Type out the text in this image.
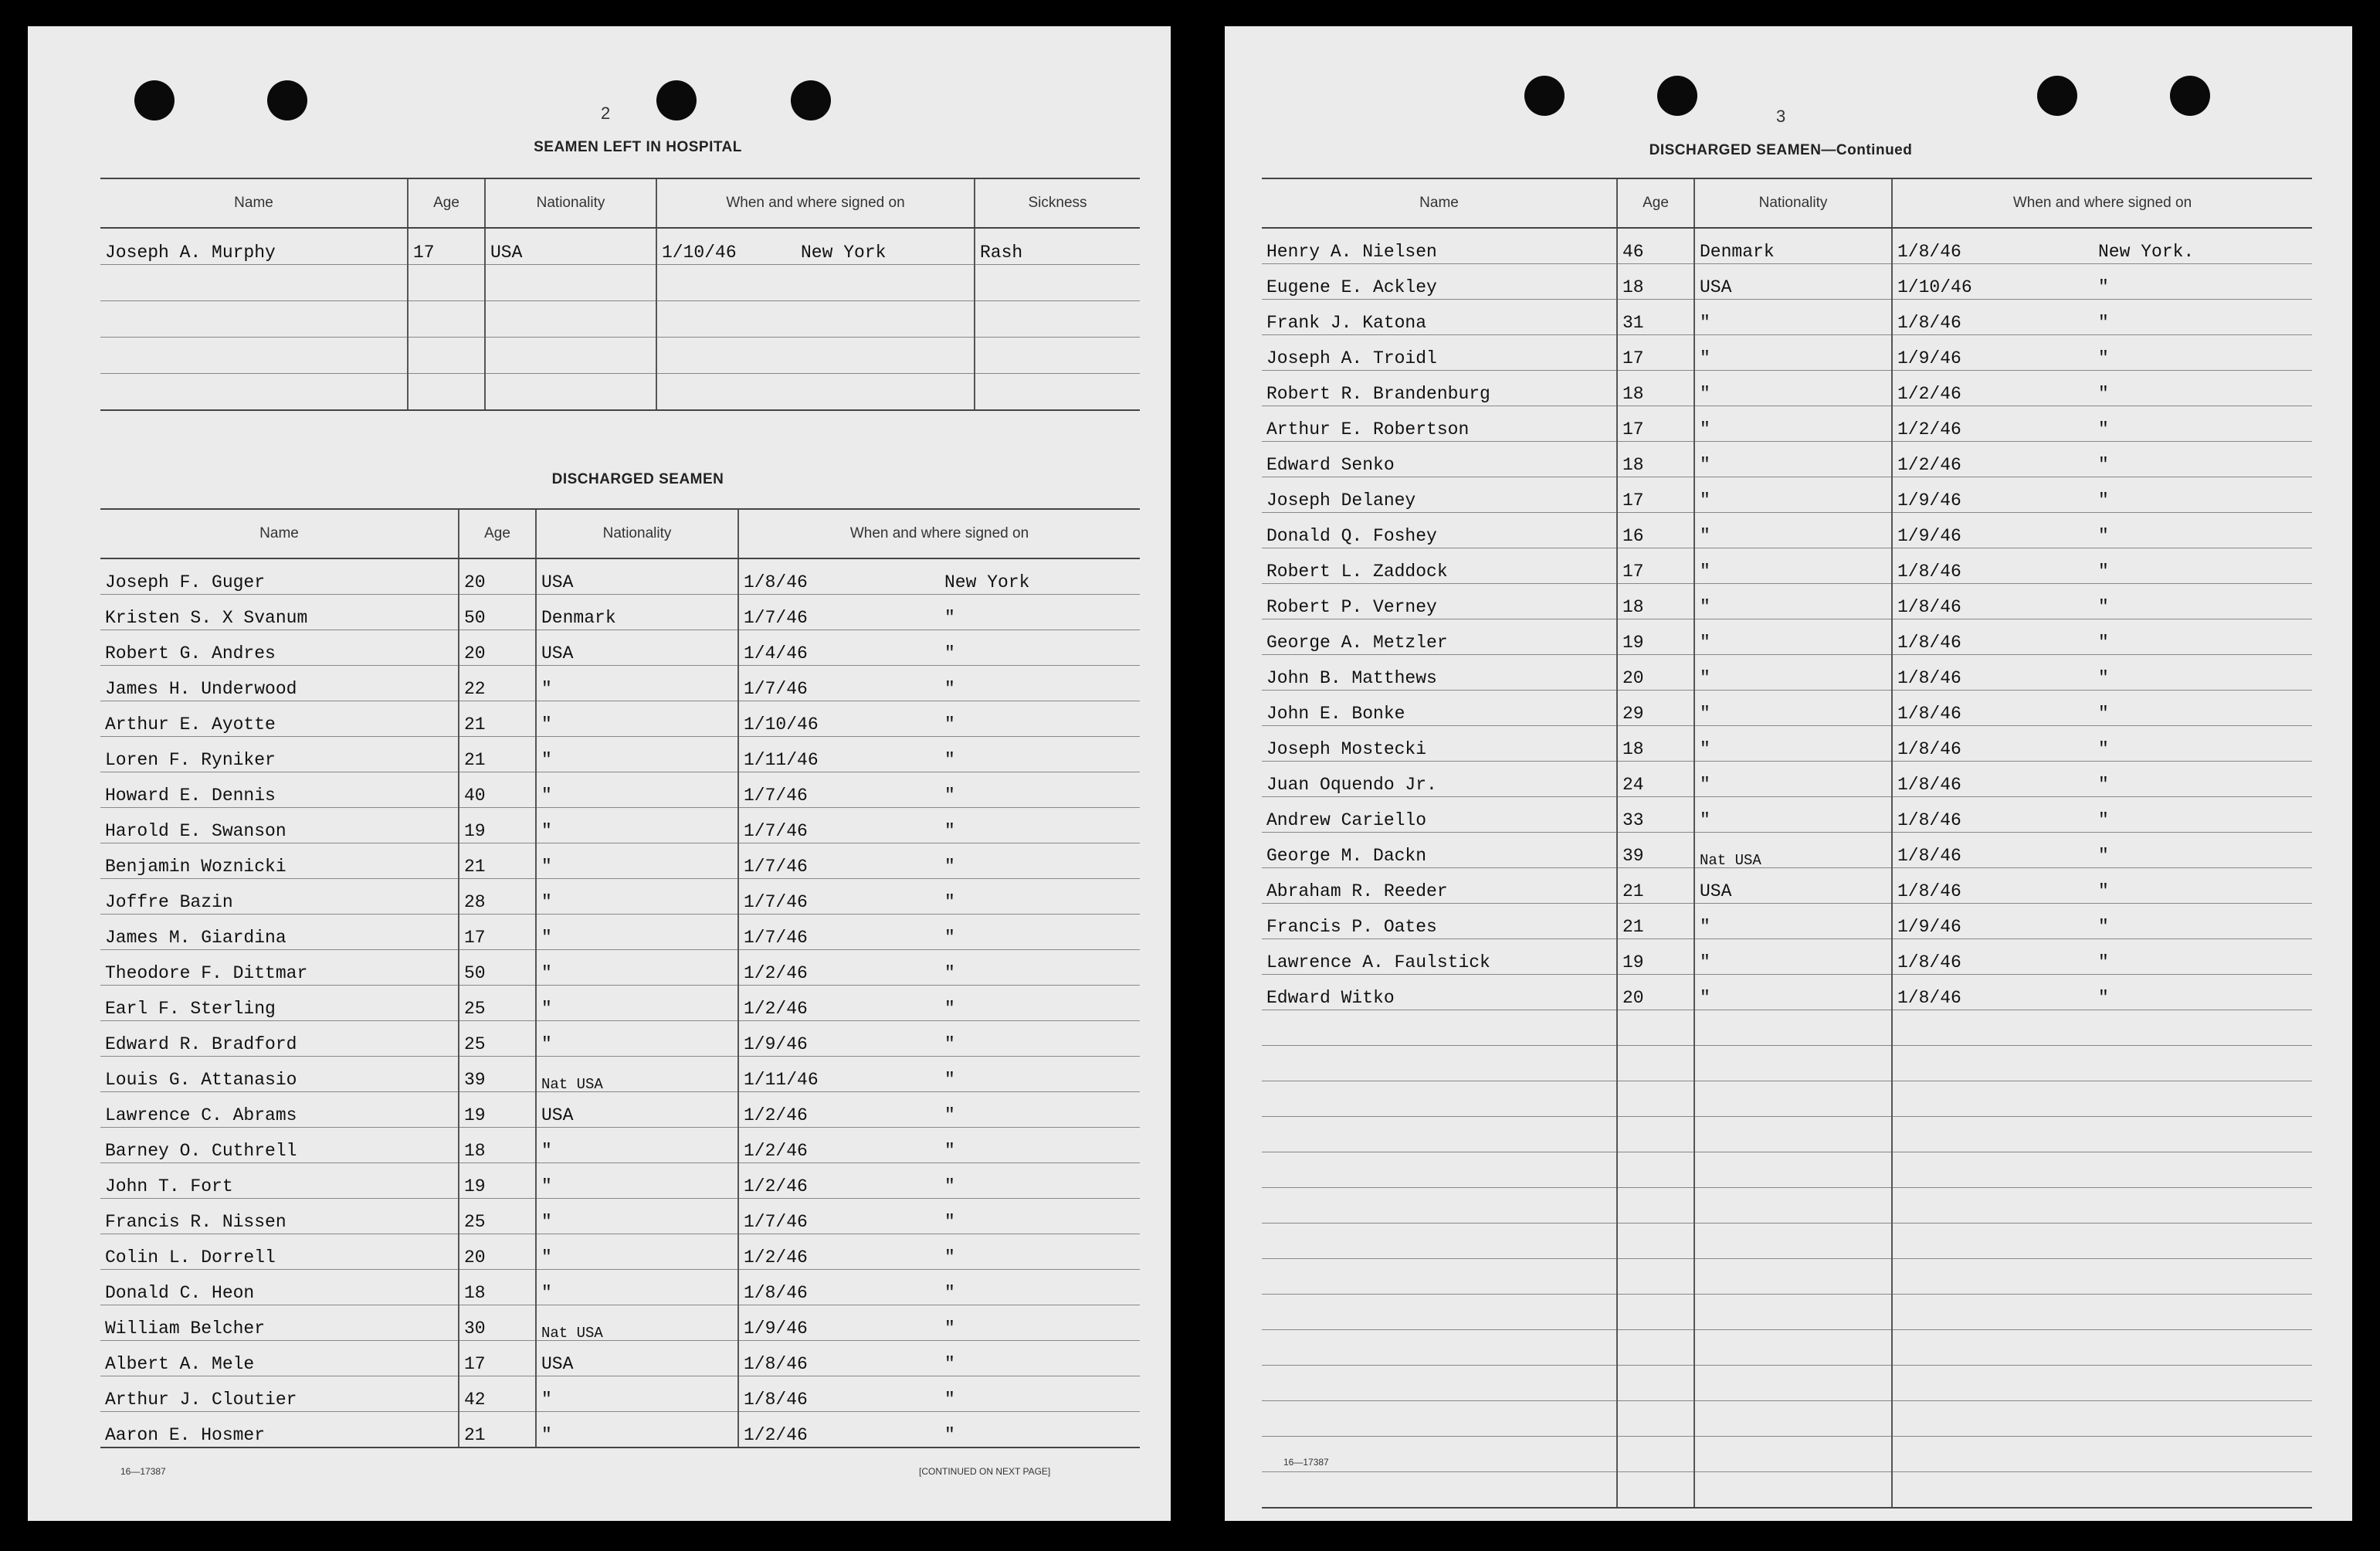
2
SEAMEN LEFT IN HOSPITAL
Name	Age	Nationality	When and where signed on	Sickness
Joseph A. Murphy	17	USA	1/10/46 New York	Rash

DISCHARGED SEAMEN
Name	Age	Nationality	When and where signed on
Joseph F. Guger	20	USA	1/8/46 New York

Kristen S. X Svanum	50	Denmark	1/7/46 "

Robert G. Andres	20	USA	1/4/46 "

James H. Underwood	22	"	1/7/46 "

Arthur E. Ayotte	21	"	1/10/46 "

Loren F. Ryniker	21	"	1/11/46 "

Howard E. Dennis	40	"	1/7/46 "

Harold E. Swanson	19	"	1/7/46 "

Benjamin Woznicki	21	"	1/7/46 "

Joffre Bazin	28	"	1/7/46 "

James M. Giardina	17	"	1/7/46 "

Theodore F. Dittmar	50	"	1/2/46 "

Earl F. Sterling	25	"	1/2/46 "

Edward R. Bradford	25	"	1/9/46 "

Louis G. Attanasio	39	Nat USA	1/11/46 "

Lawrence C. Abrams	19	USA	1/2/46 "

Barney O. Cuthrell	18	"	1/2/46 "

John T. Fort	19	"	1/2/46 "

Francis R. Nissen	25	"	1/7/46 "

Colin L. Dorrell	20	"	1/2/46 "

Donald C. Heon	18	"	1/8/46 "

William Belcher	30	Nat USA	1/9/46 "

Albert A. Mele	17	USA	1/8/46 "

Arthur J. Cloutier	42	"	1/8/46 "

Aaron E. Hosmer	21	"	1/2/46 "
16—17387	[CONTINUED ON NEXT PAGE]
3
DISCHARGED SEAMEN—Continued
Name	Age	Nationality	When and where signed on
Henry A. Nielsen	46	Denmark	1/8/46 New York.

Eugene E. Ackley	18	USA	1/10/46 "

Frank J. Katona	31	"	1/8/46 "

Joseph A. Troidl	17	"	1/9/46 "

Robert R. Brandenburg	18	"	1/2/46 "

Arthur E. Robertson	17	"	1/2/46 "

Edward Senko	18	"	1/2/46 "

Joseph Delaney	17	"	1/9/46 "

Donald Q. Foshey	16	"	1/9/46 "

Robert L. Zaddock	17	"	1/8/46 "

Robert P. Verney	18	"	1/8/46 "

George A. Metzler	19	"	1/8/46 "

John B. Matthews	20	"	1/8/46 "

John E. Bonke	29	"	1/8/46 "

Joseph Mostecki	18	"	1/8/46 "

Juan Oquendo Jr.	24	"	1/8/46 "

Andrew Cariello	33	"	1/8/46 "

George M. Dackn	39	Nat USA	1/8/46 "

Abraham R. Reeder	21	USA	1/8/46 "

Francis P. Oates	21	"	1/9/46 "

Lawrence A. Faulstick	19	"	1/8/46 "

Edward Witko	20	"	1/8/46 "

16—17387
